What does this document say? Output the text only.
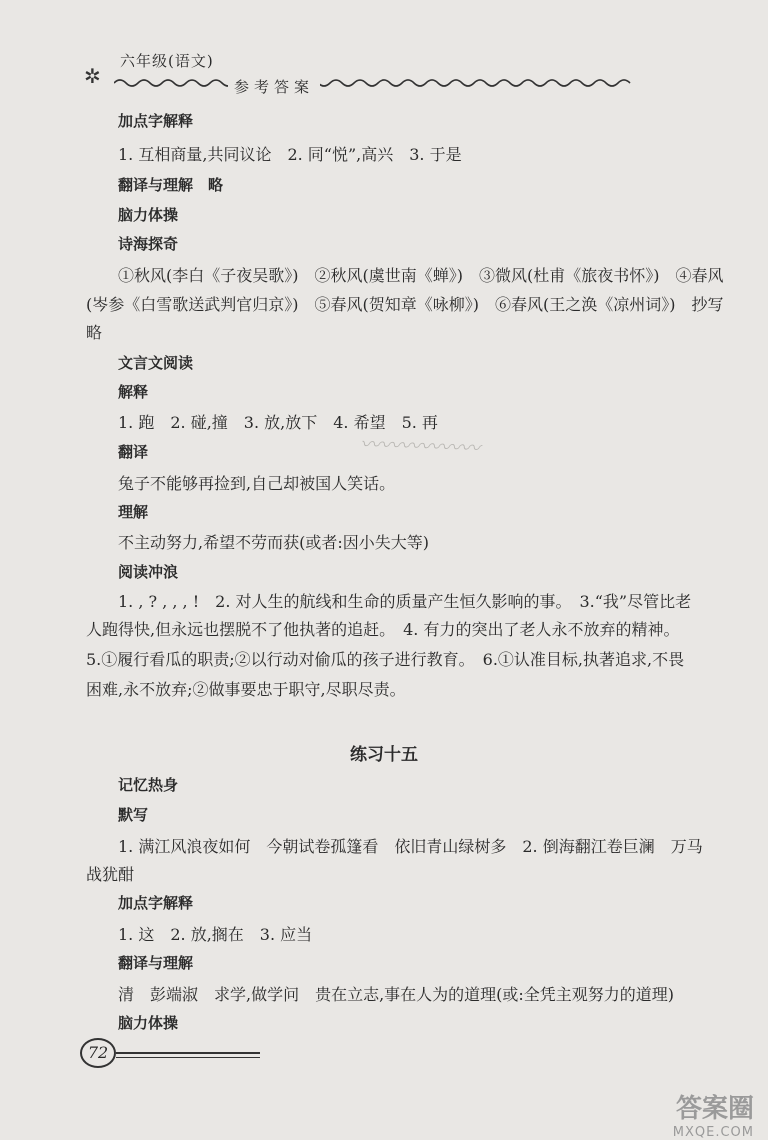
✲
六年级(语文)
参考答案
加点字解释
1. 互相商量,共同议论　2. 同“悦”,高兴　3. 于是
翻译与理解　略
脑力体操
诗海探奇
①秋风(李白《子夜吴歌》)　②秋风(虞世南《蝉》)　③微风(杜甫《旅夜书怀》)　④春风
(岑参《白雪歌送武判官归京》)　⑤春风(贺知章《咏柳》)　⑥春风(王之涣《凉州词》)　抄写
略
文言文阅读
解释
1. 跑　2. 碰,撞　3. 放,放下　4. 希望　5. 再
翻译
兔子不能够再捡到,自己却被国人笑话。
理解
不主动努力,希望不劳而获(或者:因小失大等)
阅读冲浪
1. , ? , , , !　2. 对人生的航线和生命的质量产生恒久影响的事。　3.“我”尽管比老
人跑得快,但永远也摆脱不了他执著的追赶。　4. 有力的突出了老人永不放弃的精神。
5.①履行看瓜的职责;②以行动对偷瓜的孩子进行教育。　6.①认准目标,执著追求,不畏
困难,永不放弃;②做事要忠于职守,尽职尽责。
〰〰〰〰〰〰
练习十五
记忆热身
默写
1. 满江风浪夜如何　今朝试卷孤篷看　依旧青山绿树多　2. 倒海翻江卷巨澜　万马
战犹酣
加点字解释
1. 这　2. 放,搁在　3. 应当
翻译与理解
清　彭端淑　求学,做学问　贵在立志,事在人为的道理(或:全凭主观努力的道理)
脑力体操
72
答案圈
MXQE.COM
